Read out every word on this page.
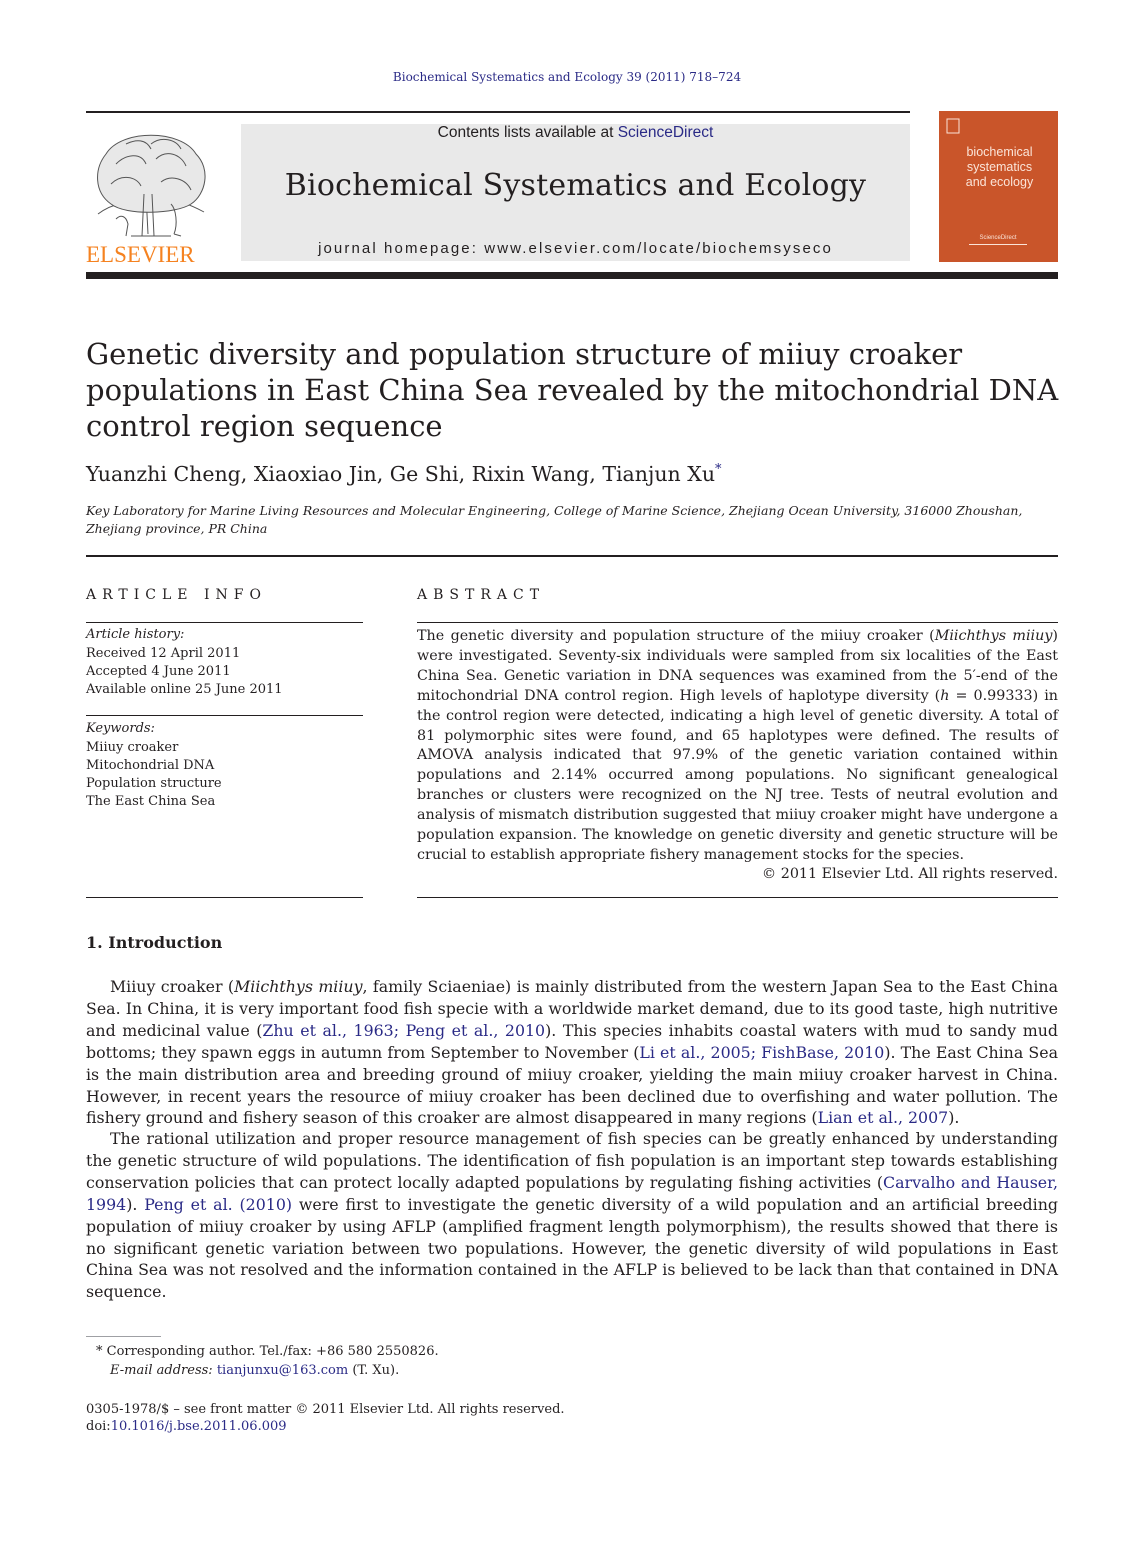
Biochemical Systematics and Ecology 39 (2011) 718–724
ELSEVIER
Contents lists available at ScienceDirect
Biochemical Systematics and Ecology
journal homepage: www.elsevier.com/locate/biochemsyseco
ScienceDirect
biochemical
systematics
and ecology
Genetic diversity and population structure of miiuy croaker populations in East China Sea revealed by the mitochondrial DNA control region sequence
Yuanzhi Cheng, Xiaoxiao Jin, Ge Shi, Rixin Wang, Tianjun Xu*
Key Laboratory for Marine Living Resources and Molecular Engineering, College of Marine Science, Zhejiang Ocean University, 316000 Zhoushan, Zhejiang province, PR China
ARTICLE INFO
Article history:
Received 12 April 2011
Accepted 4 June 2011
Available online 25 June 2011
Keywords:
Miiuy croaker
Mitochondrial DNA
Population structure
The East China Sea
ABSTRACT
The genetic diversity and population structure of the miiuy croaker (Miichthys miiuy) were investigated. Seventy-six individuals were sampled from six localities of the East China Sea. Genetic variation in DNA sequences was examined from the 5′-end of the mitochondrial DNA control region. High levels of haplotype diversity (h = 0.99333) in the control region were detected, indicating a high level of genetic diversity. A total of 81 polymorphic sites were found, and 65 haplotypes were defined. The results of AMOVA analysis indicated that 97.9% of the genetic variation contained within populations and 2.14% occurred among populations. No significant genealogical branches or clusters were recognized on the NJ tree. Tests of neutral evolution and analysis of mismatch distribution suggested that miiuy croaker might have undergone a population expansion. The knowledge on genetic diversity and genetic structure will be crucial to establish appropriate fishery management stocks for the species.
© 2011 Elsevier Ltd. All rights reserved.
1. Introduction
Miiuy croaker (Miichthys miiuy, family Sciaeniae) is mainly distributed from the western Japan Sea to the East China Sea. In China, it is very important food fish specie with a worldwide market demand, due to its good taste, high nutritive and medicinal value (Zhu et al., 1963; Peng et al., 2010). This species inhabits coastal waters with mud to sandy mud bottoms; they spawn eggs in autumn from September to November (Li et al., 2005; FishBase, 2010). The East China Sea is the main distribution area and breeding ground of miiuy croaker, yielding the main miiuy croaker harvest in China. However, in recent years the resource of miiuy croaker has been declined due to overfishing and water pollution. The fishery ground and fishery season of this croaker are almost disappeared in many regions (Lian et al., 2007).
The rational utilization and proper resource management of fish species can be greatly enhanced by understanding the genetic structure of wild populations. The identification of fish population is an important step towards establishing conservation policies that can protect locally adapted populations by regulating fishing activities (Carvalho and Hauser, 1994). Peng et al. (2010) were first to investigate the genetic diversity of a wild population and an artificial breeding population of miiuy croaker by using AFLP (amplified fragment length polymorphism), the results showed that there is no significant genetic variation between two populations. However, the genetic diversity of wild populations in East China Sea was not resolved and the information contained in the AFLP is believed to be lack than that contained in DNA sequence.
* Corresponding author. Tel./fax: +86 580 2550826.
E-mail address: tianjunxu@163.com (T. Xu).
0305-1978/$ – see front matter © 2011 Elsevier Ltd. All rights reserved.
doi:10.1016/j.bse.2011.06.009
